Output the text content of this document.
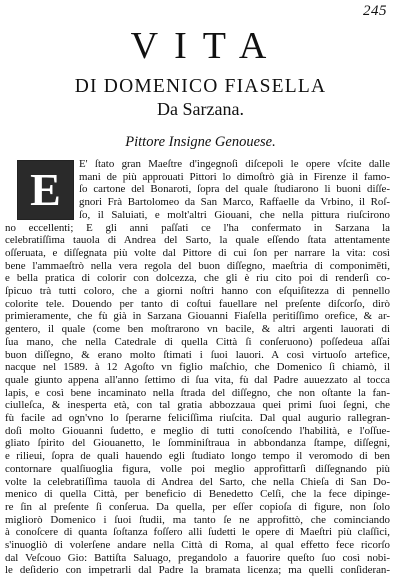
245
VITA
DI DOMENICO FIASELLA
Da Sarzana.
Pittore Insigne Genouese.
E E' ſtato gran Maeſtre d'ingegnoſi diſcepoli le opere vſcite dalle
mani de più approuati Pittori lo dimoſtrò già in Firenze il famo-
ſo cartone del Bonaroti, ſopra del quale ſtudiarono li buoni diſſe-
gnori Frà Bartolomeo da San Marco, Raffaelle da Vrbino, il Roſ-
ſo, il Saluiati, e molt'altri Giouani, che nella pittura riuſcirono
no eccellenti; E gli anni paſſati ce l'ha confermato in Sarzana la
celebratiſſima tauola di Andrea del Sarto, la quale eſſendo ſtata attentamente
oſſeruata, e diſſegnata più volte dal Pittore di cui ſon per narrare la vita: così
bene l'ammaeſtrò nella vera regola del buon diſſegno, maeſtria di componimēti,
e bella pratica di colorir con dolcezza, che gli è riu cito poi di renderſi co-
ſpicuo trà tutti coloro, che a giorni noſtri hanno con eſquiſitezza di pennello
colorite tele. Douendo per tanto di coſtui fauellare nel preſente diſcorſo, dirò
primieramente, che fù già in Sarzana Giouanni Fiaſella peritiſſimo oreficе, & ar-
gentero, il quale (come ben moſtrarono vn bacile, & altri argenti lauorati di
ſua mano, che nella Catedrale di quella Città ſi conſeruono) poſſedeua aſſai
buon diſſegno, & erano molto ſtimati i ſuoi lauori. A così virtuoſo artefice,
nacque nel 1589. à 12 Agoſto vn figlio maſchio, che Domenico ſi chiamò, il
quale giunto appena all'anno ſettimo di ſua vita, fù dal Padre auuezzato al tocca
lapis, e così bene incaminato nella ſtrada del diſſegno, che non oſtante la fan-
ciulleſca, & inesperta età, con tal gratia abbozzaua quei primi ſuoi ſegni, che
fù facile ad ogn'vno lo ſperarne feliciſſima riuſcita. Dal qual augurio rallegran-
doſi molto Giouanni ſudetto, e meglio di tutti conoſcendo l'habilità, e l'oſſue-
gliato ſpirito del Giouanetto, le ſomminiſtraua in abbondanza ſtampe, diſſegni,
e rilieui, ſopra de quali hauendo egli ſtudiato longo tempo il veromodo di ben
contornare qualſiuoglia figura, volle poi meglio approfittarſi diſſegnando più
volte la celebratiſſima tauola di Andrea del Sarto, che nella Chieſa di San Do-
menico di quella Città, per beneficio di Benedetto Celſi, che la fece dipinge-
re ſin al preſente ſi conſerua. Da quella, per eſſer copioſa di figure, non ſolo
migliorò Domenico i ſuoi ſtudii, ma tanto ſe ne approfittò, che cominciando
à conoſcere di quanta ſoſtanza foſſero alli ſudetti le opere di Maeſtri più claſſici,
s'inuogliò di volerſene andare nella Città di Roma, al qual effetto fece ricorſo
dal Veſcouo Gio: Battiſta Saluago, pregandolo a fauorire queſto ſuo così nobi-
le deſiderio con impetrarli dal Padre la bramata licenza; ma quelli conſideran-
